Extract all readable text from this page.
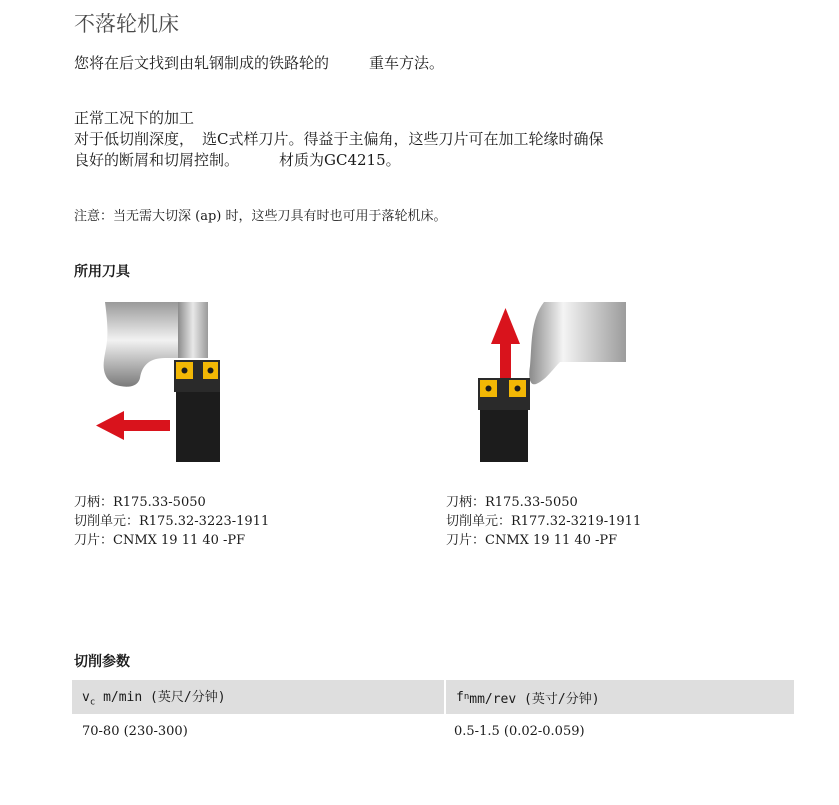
不落轮机床
您将在后文找到由轧钢制成的铁路轮的	重车方法。
正常工况下的加工
对于低切削深度， 选C式样刀片。得益于主偏角，这些刀片可在加工轮缘时确保
良好的断屑和切屑控制。	材质为GC4215。
注意：当无需大切深 (ap) 时，这些刀具有时也可用于落轮机床。
所用刀具
刀柄：R175.33-5050
切削单元：R175.32-3223-1911
刀片：CNMX 19 11 40 -PF
刀柄：R175.33-5050
切削单元：R177.32-3219-1911
刀片：CNMX 19 11 40 -PF
切削参数
$v_c$ m/min (英尺/分钟)	f n mm/rev (英寸/分钟)
70-80 (230-300)	0.5-1.5 (0.02-0.059)
